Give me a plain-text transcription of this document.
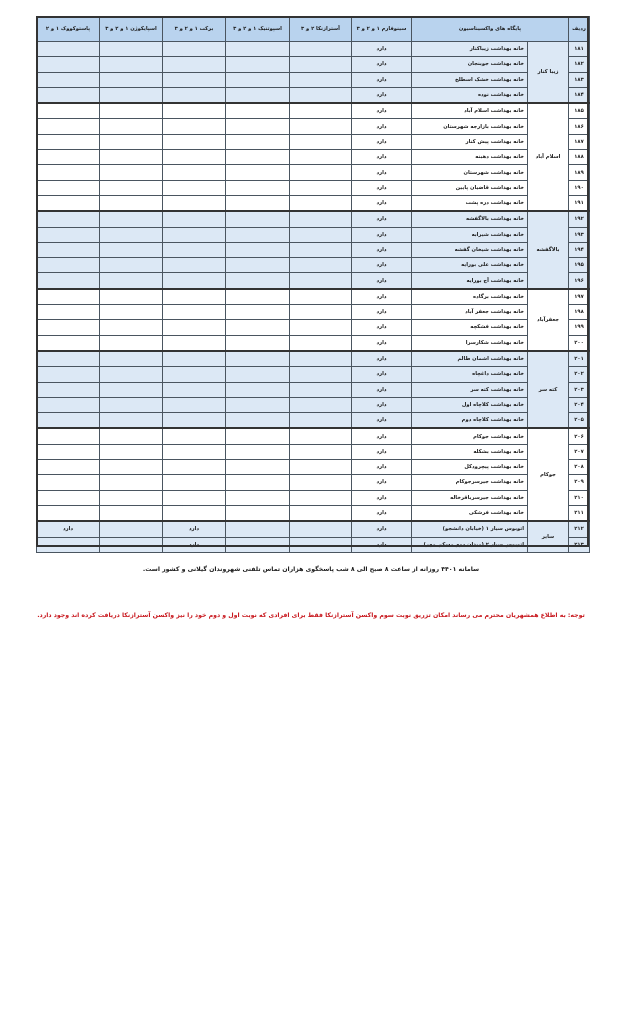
ردیف	پایگاه های واکسیناسیون		سینوفارم ۱ و ۲ و ۳	آسترازنکا ۲ و ۳	اسپوتنیک ۱ و ۲ و ۳	برکت ۱ و ۲ و ۳	اسپایکوژن ۱ و ۲ و ۳	پاستوکووک ۱ و ۲
۱۸۱	زیبا کنار	خانه بهداشت زیباکنار	دارد					
۱۸۲		خانه بهداشت جوبنجان	دارد					
۱۸۳		خانه بهداشت خشک اسطلخ	دارد					
۱۸۴		خانه بهداشت نوده	دارد					
۱۸۵	اسلام آباد	خانه بهداشت اسلام آباد	دارد					
۱۸۶		خانه بهداشت بازارجه شهرستان	دارد					
۱۸۷		خانه بهداشت پیش کنار	دارد					
۱۸۸		خانه بهداشت دهبنه	دارد					
۱۸۹		خانه بهداشت شهرستان	دارد					
۱۹۰		خانه بهداشت قاضیان پایین	دارد					
۱۹۱		خانه بهداشت دره پشت	دارد					
۱۹۲	بالاگفشه	خانه بهداشت بالاگفشه	دارد					
۱۹۳		خانه بهداشت شیرابه	دارد					
۱۹۴		خانه بهداشت شیخان گفشه	دارد					
۱۹۵		خانه بهداشت علی بورایه	دارد					
۱۹۶		خانه بهداشت آج بورایه	دارد					
۱۹۷	جعفرآباد	خانه بهداشت برگاده	دارد					
۱۹۸		خانه بهداشت جعفر آباد	دارد					
۱۹۹		خانه بهداشت فشکچه	دارد					
۲۰۰		خانه بهداشت شکارسرا	دارد					
۲۰۱	کته سر	خانه بهداشت اشمان طالم	دارد					
۲۰۲		خانه بهداشت داغچاه	دارد					
۲۰۳		خانه بهداشت کته سر	دارد					
۲۰۴		خانه بهداشت کلاچاه اول	دارد					
۲۰۵		خانه بهداشت کلاچاه دوم	دارد					
۲۰۶	جوکام	خانه بهداشت جوکام	دارد					
۲۰۷		خانه بهداشت بشکله	دارد					
۲۰۸		خانه بهداشت پیچرودکل	دارد					
۲۰۹		خانه بهداشت جیرسرجوکام	دارد					
۲۱۰		خانه بهداشت جیرسرباقرخاله	دارد					
۲۱۱		خانه بهداشت فرشکی	دارد					
۲۱۲	سایر	اتوبوس سیار ۱ (خیابان دانشجو)	دارد			دارد		دارد
۲۱۳		اتوبوس سیار ۲ (میدان دوم مسکن مهر)	دارد			دارد		
سامانه ۴۴۰۱ روزانه از ساعت ۸ صبح الی ۸ شب پاسخگوی هزاران تماس تلفنی شهروندان گیلانی و کشور است.
توجه: به اطلاع همشهریان محترم می رساند امکان تزریق نوبت سوم واکسن آسترازنکا فقط برای افرادی که نوبت اول و دوم خود را نیز واکسن آسترازنکا دریافت کرده اند وجود دارد.
